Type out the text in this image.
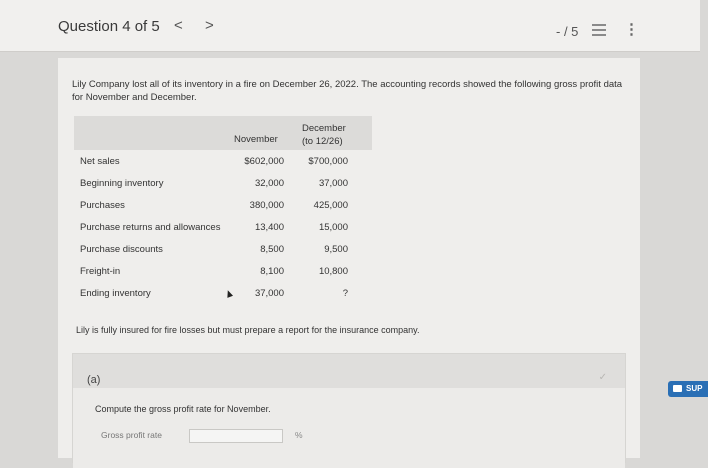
Question 4 of 5 < >	- / 5	⋮
Lily Company lost all of its inventory in a fire on December 26, 2022. The accounting records showed the following gross profit data for November and December.
November
December
(to 12/26)
Net sales	$602,000	$700,000
Beginning inventory	32,000	37,000
Purchases	380,000	425,000
Purchase returns and allowances	13,400	15,000
Purchase discounts	8,500	9,500
Freight-in	8,100	10,800
Ending inventory	37,000	?
Lily is fully insured for fire losses but must prepare a report for the insurance company.
(a)	✓
Compute the gross profit rate for November.
Gross profit rate	%
SUP
